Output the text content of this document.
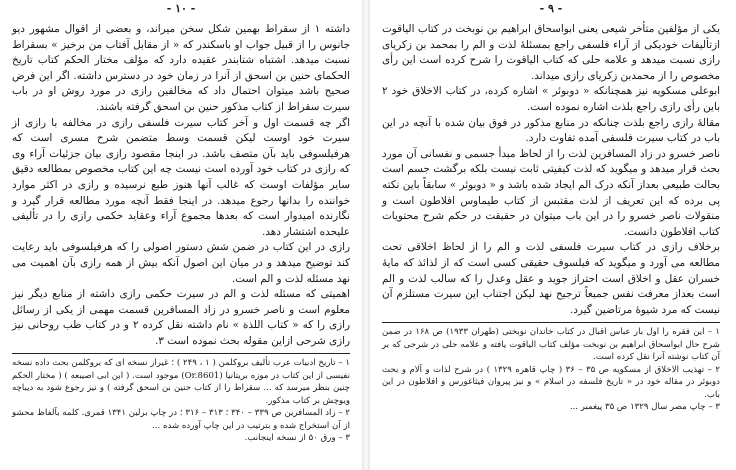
- ۱۰ -

داشته ۱ از سقراط بهمین شکل سخن میراند، و بعضی از اقوال مشهور دیو جانوس را از قبیل جواب او باسکندر که « از مقابل آفتاب من برخیز » بسقراط نسبت میدهد. اشتباه شتابندر عقیده دارد که مؤلف مختار الحکم کتاب تاریخ الحکمای حنین بن اسحق از آنرا در زمان خود در دسترس داشته. اگر این فرض صحیح باشد میتوان احتمال داد که مخالفین رازی در مورد روش او در باب سیرت سقراط از کتاب مذکور حنین بن اسحق گرفته باشند.

اگر چه قسمت اول و آخر کتاب سیرت فلسفی رازی در مخالفه با رازی از سیرت خود اوست لیکن قسمت وسط متضمن شرح مسری است که هرفیلسوفی باید بآن متصف باشد. در اینجا مقصود رازی بیان جزئیات آراء وی که رازی در کتاب خود آورده است نیست چه این کتاب مخصوص بمطالعه دقیق سایر مؤلفات اوست که غالب آنها هنوز طبع نرسیده و رازی در اکثر موارد خواننده را بدانها رجوع میدهد. در اینجا فقط آنچه مورد مطالعه قرار گیرد و نگارنده امیدوار است که بعدها مجموع آراء وعقاید حکمی رازی را در تألیفی علیحده اشتشار دهد.

رازی در این کتاب در ضمن شش دستور اصولی را که هرفیلسوفی باید رعایت کند توضیح میدهد و در میان این اصول آنکه بیش از همه رازی بآن اهمیت می نهد مسئله لذت و الم است.

اهمیتی که مسئله لذت و الم در سیرت حکمی رازی داشته از منابع دیگر نیز معلوم است و ناصر خسرو در زاد المسافرین قسمت مهمی از یکی از رسائل رازی را که « کتاب اللذة » نام داشته نقل کرده ۲ و در کتاب طب روحانی نیز رازی شرحی ازاین مقوله بحث نموده است ۳.

۱ – تاریخ ادبیات عرب تألیف بروکلمن ( ۱ ، ۲۴۹ ) ؛ غیراز نسخه ای که بروکلمن بحث داده نسخه نفیسی از این کتاب در موزه بریتانیا (Or.8601) موجود است. ( ابن ابی اصیبعه ) ( مختار الحکم چنین بنظر میرسد که ... سقراط را از کتاب حنین بن اسحق گرفته ) و نیز رجوع شود به دیباچه ویوچش بر کتاب مذکور.

۲ – زاد المسافرین ص ۳۳۹ – ۳۴۰ ؛ ۳۱۳ – ۳۱۶ ؛ در چاپ برلین ۱۳۴۱ قمری. کلمه بآلفاظ محشو از آن استخراج شده و بترتیب در این چاپ آورده شده ...

۳ – ورق ۵۰ از نسخه اینجانب.

- ۹ -

یکی از مؤلفین متأخر شیعی یعنی ابواسحاق ابراهیم بن نوبخت در کتاب الیاقوت ازتألیفات خودیکی از آراء فلسفی راجع بمسئلهٔ لذت و الم را بمحمد بن زکریای رازی نسبت میدهد و علامه حلی که کتاب الیاقوت را شرح کرده است این رأی مخصوص را از محمدبن زکریای رازی میداند.

ابوعلی مسکویه نیز همچنانکه « دوبوئر » اشاره کرده، در کتاب الاخلاق خود ۲ باین رأی رازی راجع بلذت اشاره نموده است.

مقالهٔ رازی راجع بلذت چنانکه در منابع مذکور در فوق بیان شده با آنچه در این باب در کتاب سیرت فلسفی آمده تفاوت دارد.

ناصر خسرو در زاد المسافرین لذت را از لحاظ مبدأ جسمی و نفسانی آن مورد بحث قرار میدهد و میگوید که لذت کیفیتی ثابت نیست بلکه برگشت جسم است بحالت طبیعی بعداز آنکه درک الم ایجاد شده باشد و « دوبوئر » سابقاً باین نکته پی برده که این تعریف از لذت مقتبس از کتاب طیماوس افلاطون است و منقولات ناصر خسرو را در این باب میتوان در حقیقت در حکم شرح محتویات کتاب افلاطون دانست.

برخلاف رازی در کتاب سیرت فلسفی لذت و الم را از لحاظ اخلاقی تحت مطالعه می آورد و میگوید که فیلسوف حقیقی کسی است که از لذائذ که مایهٔ خسران عقل و اخلاق است احتراز جوید و عقل وعدل را که سالب لذت و الم است بعداز معرفت نفس جمیعاً ترجیح نهد لیکن اجتناب این سیرت مستلزم آن نیست که مرد شیوهٔ مرتاضین گیرد.

۱ – این فقره را اول بار عباس اقبال در کتاب خاندان نوبختی (طهران ۱۹۳۳) ص ۱۶۸ در ضمن شرح حال ابواسحاق ابراهیم بن نوبخت مؤلف کتاب الیاقوت یافته و علامه حلی در شرحی که بر آن کتاب نوشته آنرا نقل کرده است.

۲ – تهذیب الاخلاق از مسکویه ص ۳۵ – ۳۶ ( چاپ قاهره ۱۳۲۹ ) در شرح لذات و آلام و بحث دوبوئر در مقاله خود در « تاریخ فلسفه در اسلام » و نیز پیروان فیثاغورس و افلاطون در این باب.

۳ – چاپ مصر سال ۱۳۲۹ ص ۳۵ پیغمبر ...
